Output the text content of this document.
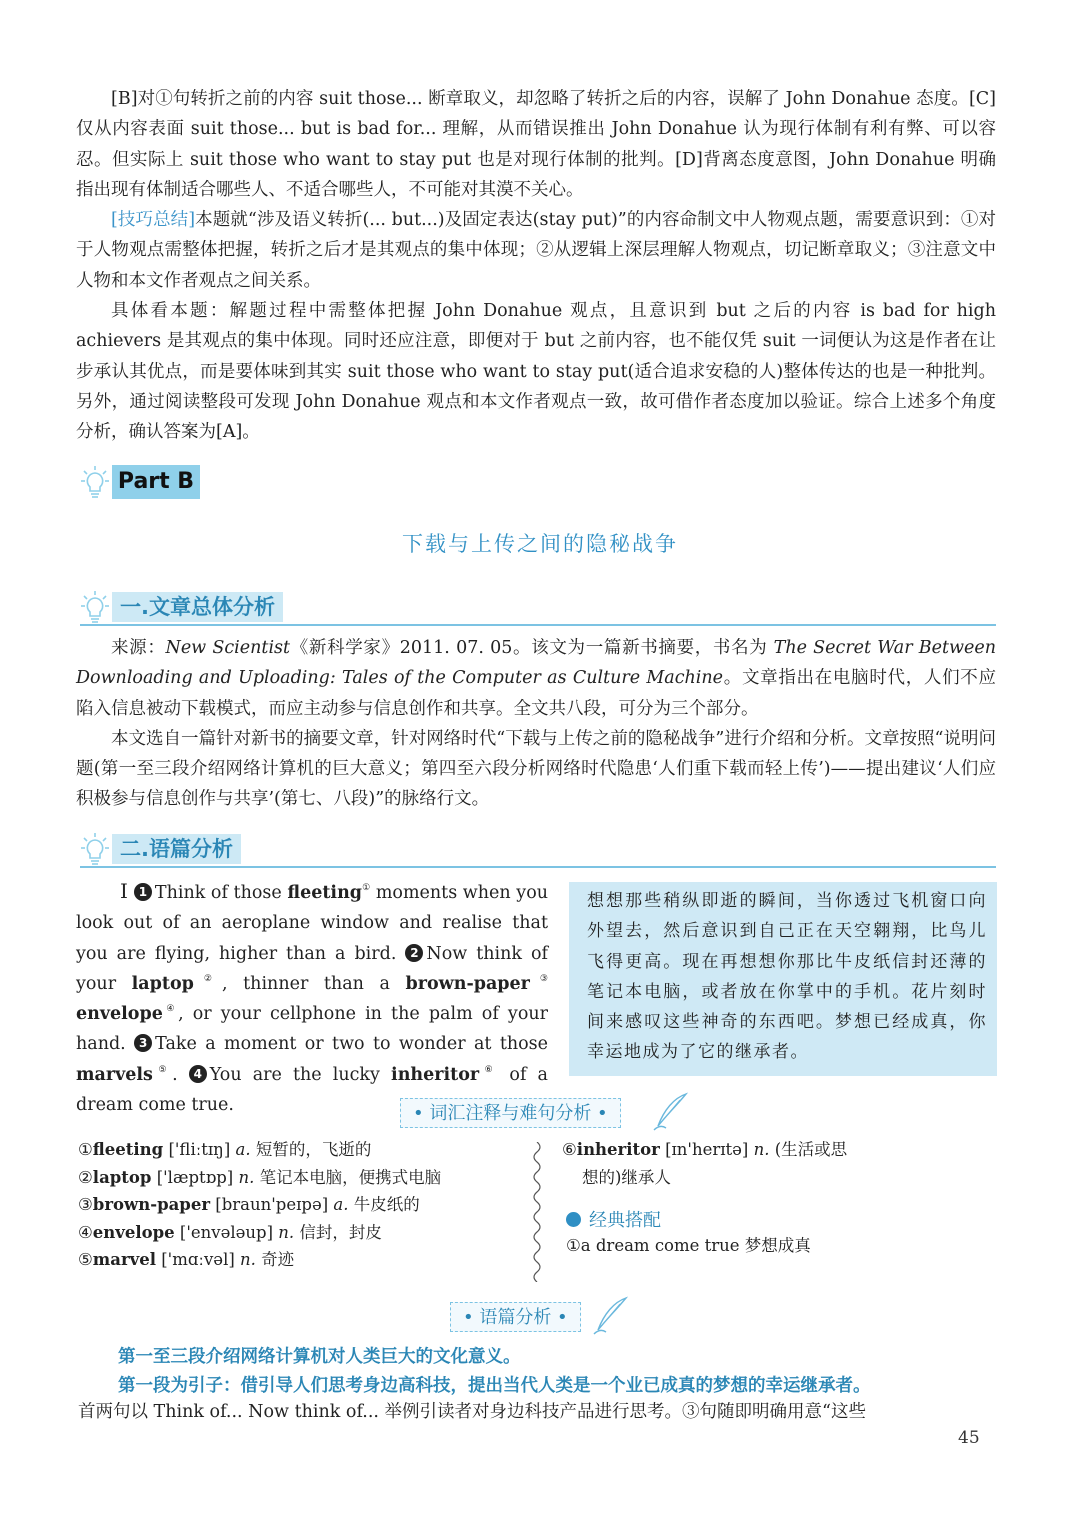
[B]对①句转折之前的内容 suit those... 断章取义，却忽略了转折之后的内容，误解了 John Donahue 态度。[C]仅从内容表面 suit those... but is bad for... 理解，从而错误推出 John Donahue 认为现行体制有利有弊、可以容忍。但实际上 suit those who want to stay put 也是对现行体制的批判。[D]背离态度意图，John Donahue 明确指出现有体制适合哪些人、不适合哪些人，不可能对其漠不关心。

[技巧总结]本题就“涉及语义转折(... but...)及固定表达(stay put)”的内容命制文中人物观点题，需要意识到：①对于人物观点需整体把握，转折之后才是其观点的集中体现；②从逻辑上深层理解人物观点，切记断章取义；③注意文中人物和本文作者观点之间关系。

具体看本题：解题过程中需整体把握 John Donahue 观点，且意识到 but 之后的内容 is bad for high achievers 是其观点的集中体现。同时还应注意，即便对于 but 之前内容，也不能仅凭 suit 一词便认为这是作者在让步承认其优点，而是要体味到其实 suit those who want to stay put(适合追求安稳的人)整体传达的也是一种批判。另外，通过阅读整段可发现 John Donahue 观点和本文作者观点一致，故可借作者态度加以验证。综合上述多个角度分析，确认答案为[A]。

Part B
下载与上传之间的隐秘战争
一.文章总体分析

来源：New Scientist《新科学家》2011. 07. 05。该文为一篇新书摘要，书名为 The Secret War Between Downloading and Uploading: Tales of the Computer as Culture Machine。文章指出在电脑时代，人们不应陷入信息被动下载模式，而应主动参与信息创作和共享。全文共八段，可分为三个部分。

本文选自一篇针对新书的摘要文章，针对网络时代“下载与上传之前的隐秘战争”进行介绍和分析。文章按照“说明问题(第一至三段介绍网络计算机的巨大意义；第四至六段分析网络时代隐患‘人们重下载而轻上传’)——提出建议‘人们应积极参与信息创作与共享’(第七、八段)”的脉络行文。

二.语篇分析
I 1 Think of those fleeting① moments when you look out of an aeroplane window and realise that you are flying, higher than a bird. 2 Now think of your laptop②, thinner than a brown-paper③ envelope④, or your cellphone in the palm of your hand. 3 Take a moment or two to wonder at those marvels⑤. 4 You are the lucky inheritor⑥ of a dream come true.
想想那些稍纵即逝的瞬间，当你透过飞机窗口向外望去，然后意识到自己正在天空翱翔，比鸟儿飞得更高。现在再想想你那比牛皮纸信封还薄的笔记本电脑，或者放在你掌中的手机。花片刻时间来感叹这些神奇的东西吧。梦想已经成真，你幸运地成为了它的继承者。
• 词汇注释与难句分析 •
①fleeting ['fliːtɪŋ] a. 短暂的，飞逝的
②laptop ['læptɒp] n. 笔记本电脑，便携式电脑
③brown-paper [braun'peɪpə] a. 牛皮纸的
④envelope ['envələup] n. 信封，封皮
⑤marvel ['mɑːvəl] n. 奇迹
⑥inheritor [ɪn'herɪtə] n. (生活或思
想的)继承人
经典搭配
①a dream come true 梦想成真
• 语篇分析 •
第一至三段介绍网络计算机对人类巨大的文化意义。
第一段为引子：借引导人们思考身边高科技，提出当代人类是一个业已成真的梦想的幸运继承者。
首两句以 Think of... Now think of... 举例引读者对身边科技产品进行思考。③句随即明确用意“这些
45
